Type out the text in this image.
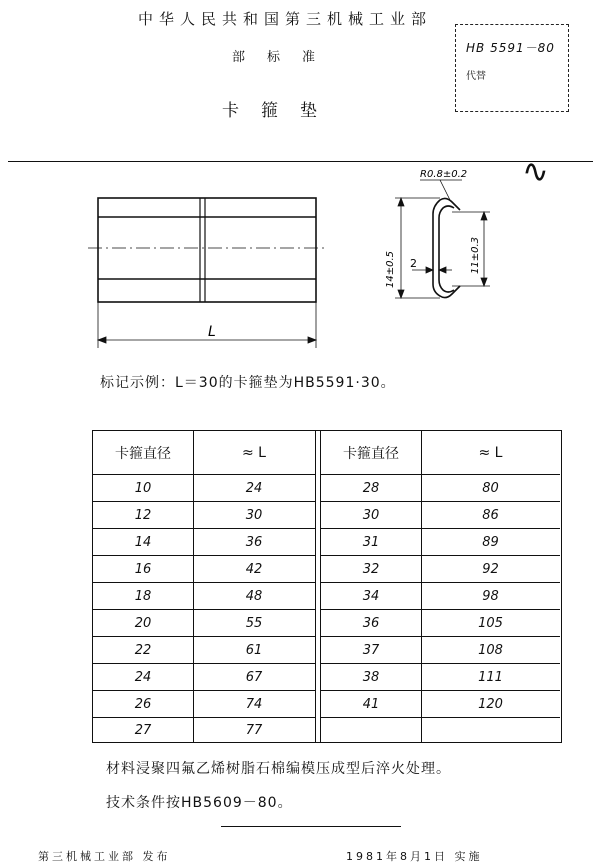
中华人民共和国第三机械工业部
部标准
卡箍垫
HB 5591－80
代替
∿
L
R0.8±0.2
14±0.5	11±0.3
2
标记示例：L＝30的卡箍垫为HB5591·30。
卡箍直径	≈ L
10	24
12	30
14	36
16	42
18	48
20	55
22	61
24	67
26	74
27	77
卡箍直径	≈ L
28	80
30	86
31	89
32	92
34	98
36	105
37	108
38	111
41	120
材料浸聚四氟乙烯树脂石棉编模压成型后淬火处理。
技术条件按HB5609－80。
第三机械工业部 发布	1981年8月1日 实施
